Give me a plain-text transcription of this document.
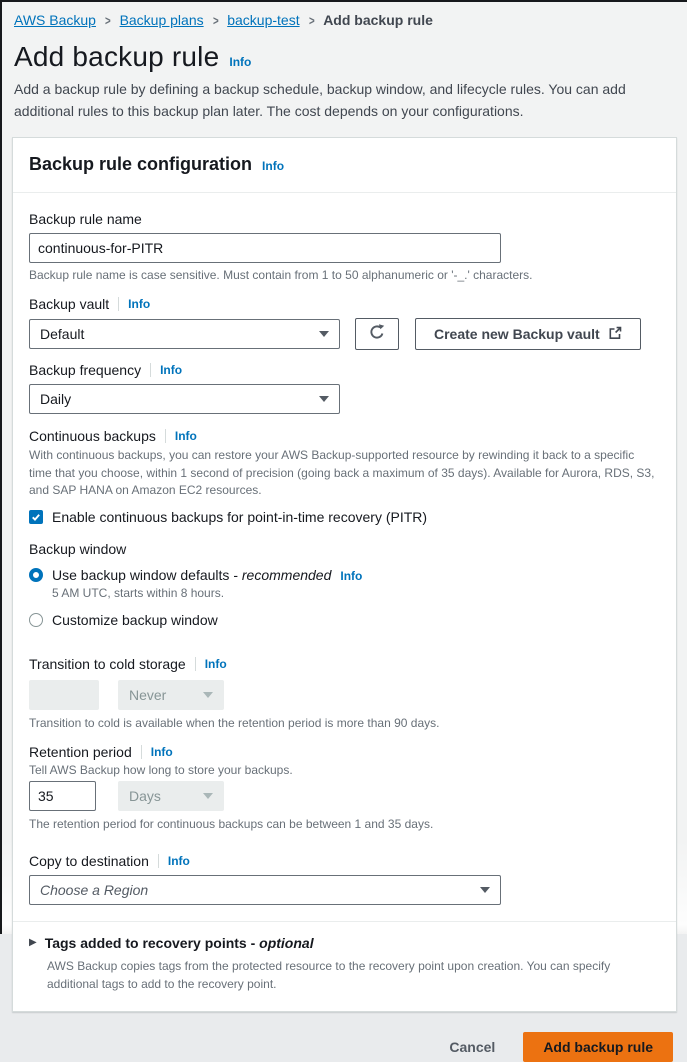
AWS Backup > Backup plans > backup-test > Add backup rule
Add backup rule Info

Add a backup rule by defining a backup schedule, backup window, and lifecycle rules. You can add additional rules to this backup plan later. The cost depends on your configurations.

Backup rule configuration Info
Backup rule name
continuous-for-PITR
Backup rule name is case sensitive. Must contain from 1 to 50 alphanumeric or '-_.' characters.
Backup vault Info
Default	Create new Backup vault
Backup frequency Info
Daily
Continuous backups Info

With continuous backups, you can restore your AWS Backup-supported resource by rewinding it back to a specific time that you choose, within 1 second of precision (going back a maximum of 35 days). Available for Aurora, RDS, S3, and SAP HANA on Amazon EC2 resources.

Enable continuous backups for point-in-time recovery (PITR)
Backup window
Use backup window defaults - recommended Info
5 AM UTC, starts within 8 hours.
Customize backup window
Transition to cold storage Info
Never
Transition to cold is available when the retention period is more than 90 days.
Retention period Info
Tell AWS Backup how long to store your backups.
35
Days
The retention period for continuous backups can be between 1 and 35 days.
Copy to destination Info
Choose a Region
▶ Tags added to recovery points - optional

AWS Backup copies tags from the protected resource to the recovery point upon creation. You can specify additional tags to add to the recovery point.

Cancel	Add backup rule
